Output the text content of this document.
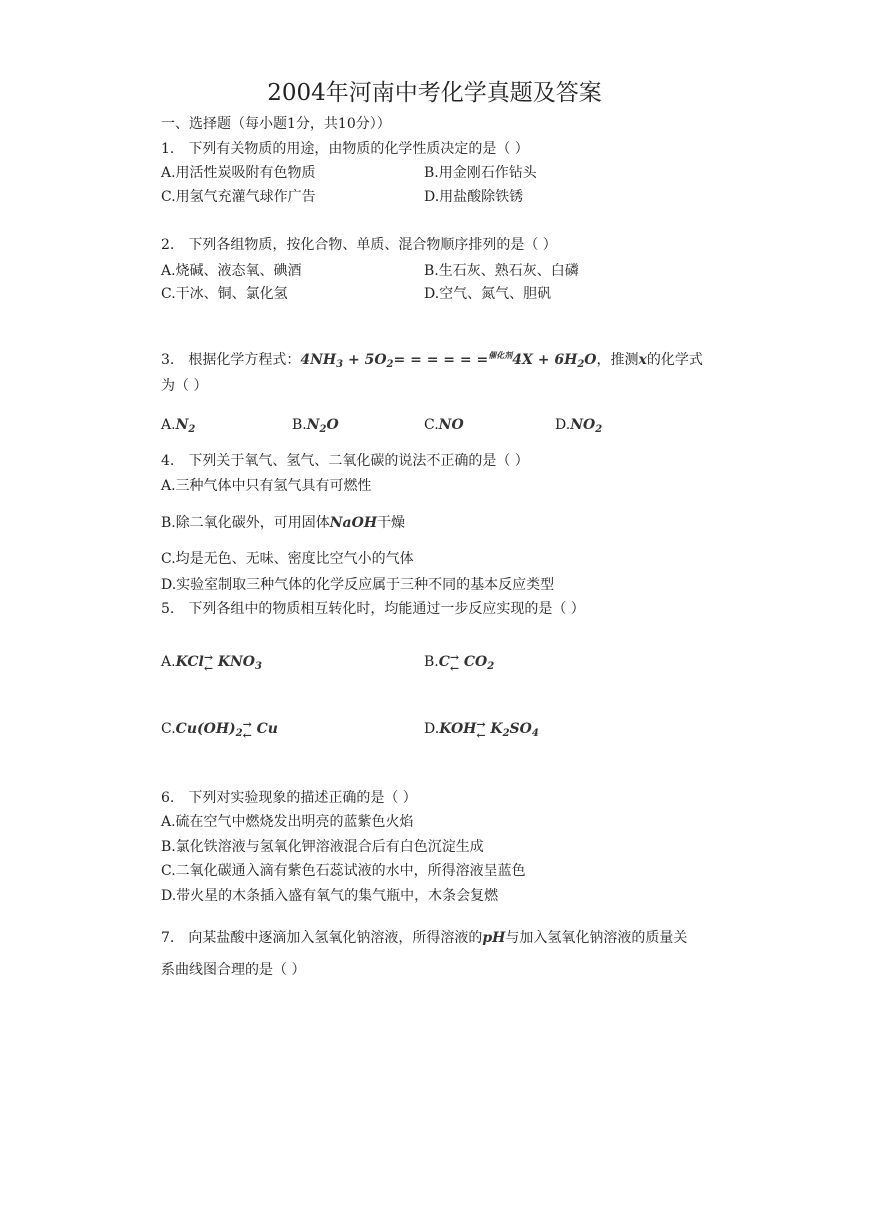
2004年河南中考化学真题及答案
一、选择题（每小题1分，共10分））
1.　下列有关物质的用途，由物质的化学性质决定的是（ ）
A.用活性炭吸附有色物质	B.用金刚石作钻头
C.用氢气充灌气球作广告	D.用盐酸除铁锈
2.　下列各组物质，按化合物、单质、混合物顺序排列的是（ ）
A.烧碱、液态氧、碘酒	B.生石灰、熟石灰、白磷
C.干冰、铜、氯化氢	D.空气、氮气、胆矾
3.　根据化学方程式：$4NH_3 + 5O_2=$ = = = = $=^{催化剂}4X + 6H_2O$，推测x的化学式
为（ ）
$A.N_2$	$B.N_2O$	C.NO	$D.NO_2$
4.　下列关于氧气、氢气、二氧化碳的说法不正确的是（ ）
A.三种气体中只有氢气具有可燃性
B.除二氧化碳外，可用固体NaOH干燥
C.均是无色、无味、密度比空气小的气体
D.实验室制取三种气体的化学反应属于三种不同的基本反应类型
5.　下列各组中的物质相互转化时，均能通过一步反应实现的是（ ）
A.KCl →
← $KNO_3$	B.C →
← $CO_2$
$C.Cu(OH)_2$
→
← Cu	D.KOH →
← $K_2SO_4$
6.　下列对实验现象的描述正确的是（ ）
A.硫在空气中燃烧发出明亮的蓝紫色火焰
B.氯化铁溶液与氢氧化钾溶液混合后有白色沉淀生成
C.二氧化碳通入滴有紫色石蕊试液的水中，所得溶液呈蓝色
D.带火星的木条插入盛有氧气的集气瓶中，木条会复燃
7.　向某盐酸中逐滴加入氢氧化钠溶液，所得溶液的pH与加入氢氧化钠溶液的质量关
系曲线图合理的是（ ）
